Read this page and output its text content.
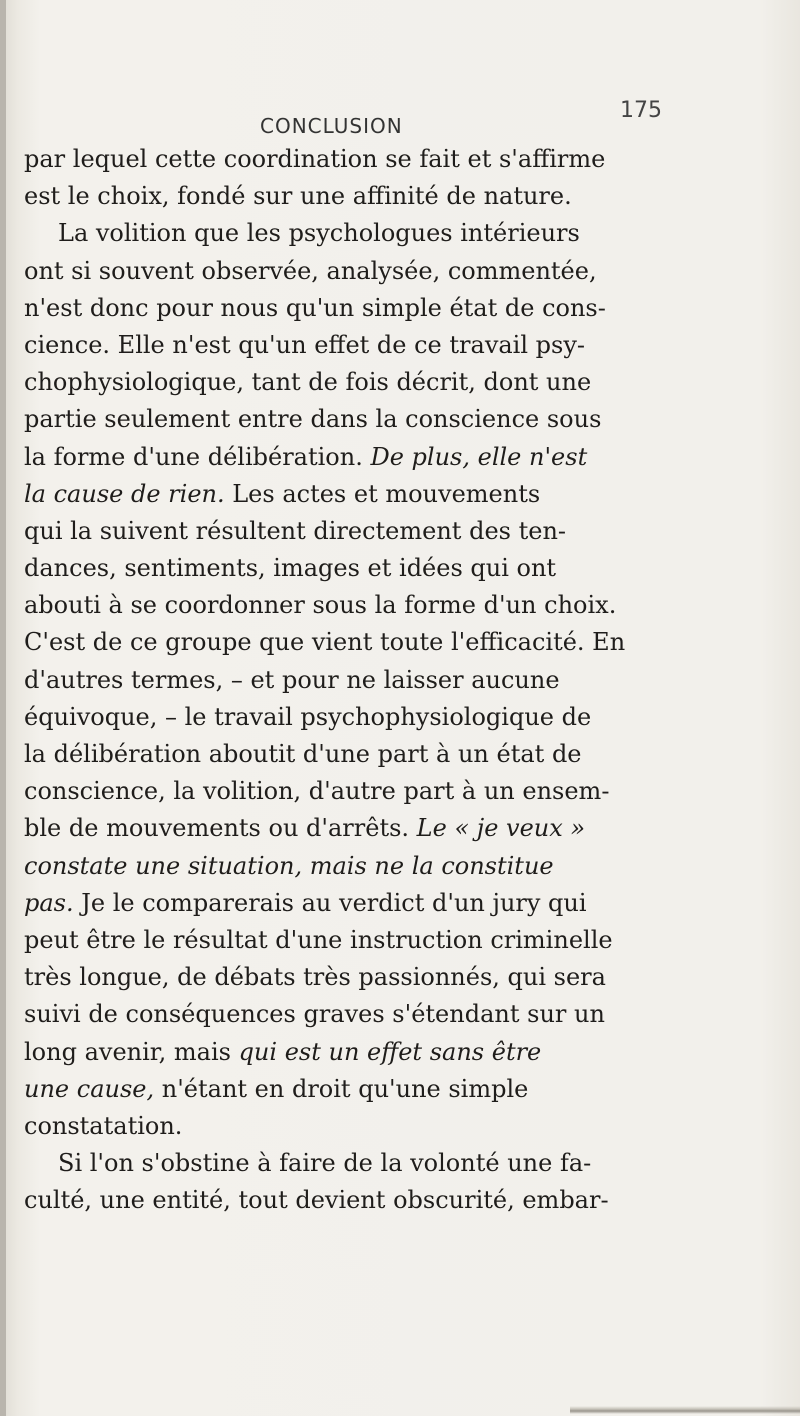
CONCLUSION
175
par lequel cette coordination se fait et s'affirme
est le choix, fondé sur une affinité de nature.
La volition que les psychologues intérieurs
ont si souvent observée, analysée, commentée,
n'est donc pour nous qu'un simple état de cons-
cience. Elle n'est qu'un effet de ce travail psy-
chophysiologique, tant de fois décrit, dont une
partie seulement entre dans la conscience sous
la forme d'une délibération. De plus, elle n'est
la cause de rien. Les actes et mouvements
qui la suivent résultent directement des ten-
dances, sentiments, images et idées qui ont
abouti à se coordonner sous la forme d'un choix.
C'est de ce groupe que vient toute l'efficacité. En
d'autres termes, – et pour ne laisser aucune
équivoque, – le travail psychophysiologique de
la délibération aboutit d'une part à un état de
conscience, la volition, d'autre part à un ensem-
ble de mouvements ou d'arrêts. Le « je veux »
constate une situation, mais ne la constitue
pas. Je le comparerais au verdict d'un jury qui
peut être le résultat d'une instruction criminelle
très longue, de débats très passionnés, qui sera
suivi de conséquences graves s'étendant sur un
long avenir, mais qui est un effet sans être
une cause, n'étant en droit qu'une simple
constatation.
Si l'on s'obstine à faire de la volonté une fa-
culté, une entité, tout devient obscurité, embar-
